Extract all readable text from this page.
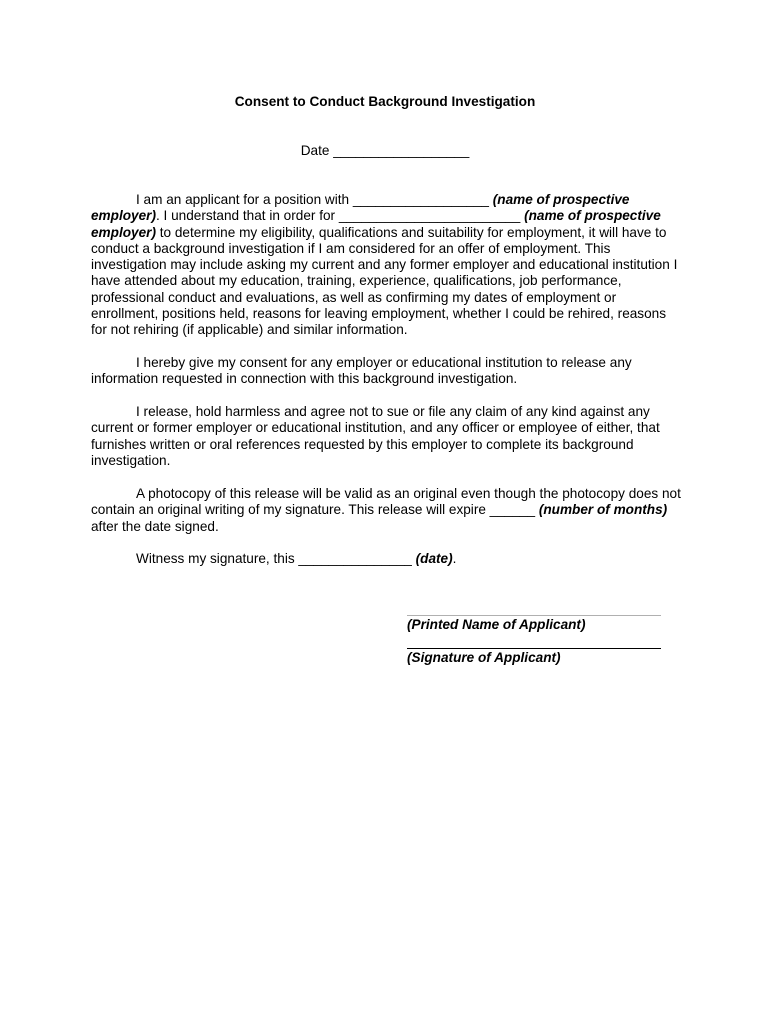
Consent to Conduct Background Investigation
Date __________________

I am an applicant for a position with __________________ (name of prospective employer). I understand that in order for ________________________ (name of prospective employer) to determine my eligibility, qualifications and suitability for employment, it will have to conduct a background investigation if I am considered for an offer of employment. This investigation may include asking my current and any former employer and educational institution I have attended about my education, training, experience, qualifications, job performance, professional conduct and evaluations, as well as confirming my dates of employment or enrollment, positions held, reasons for leaving employment, whether I could be rehired, reasons for not rehiring (if applicable) and similar information.

I hereby give my consent for any employer or educational institution to release any information requested in connection with this background investigation.

I release, hold harmless and agree not to sue or file any claim of any kind against any current or former employer or educational institution, and any officer or employee of either, that furnishes written or oral references requested by this employer to complete its background investigation.

A photocopy of this release will be valid as an original even though the photocopy does not contain an original writing of my signature. This release will expire ______ (number of months) after the date signed.

Witness my signature, this _______________ (date).

(Printed Name of Applicant)
(Signature of Applicant)
